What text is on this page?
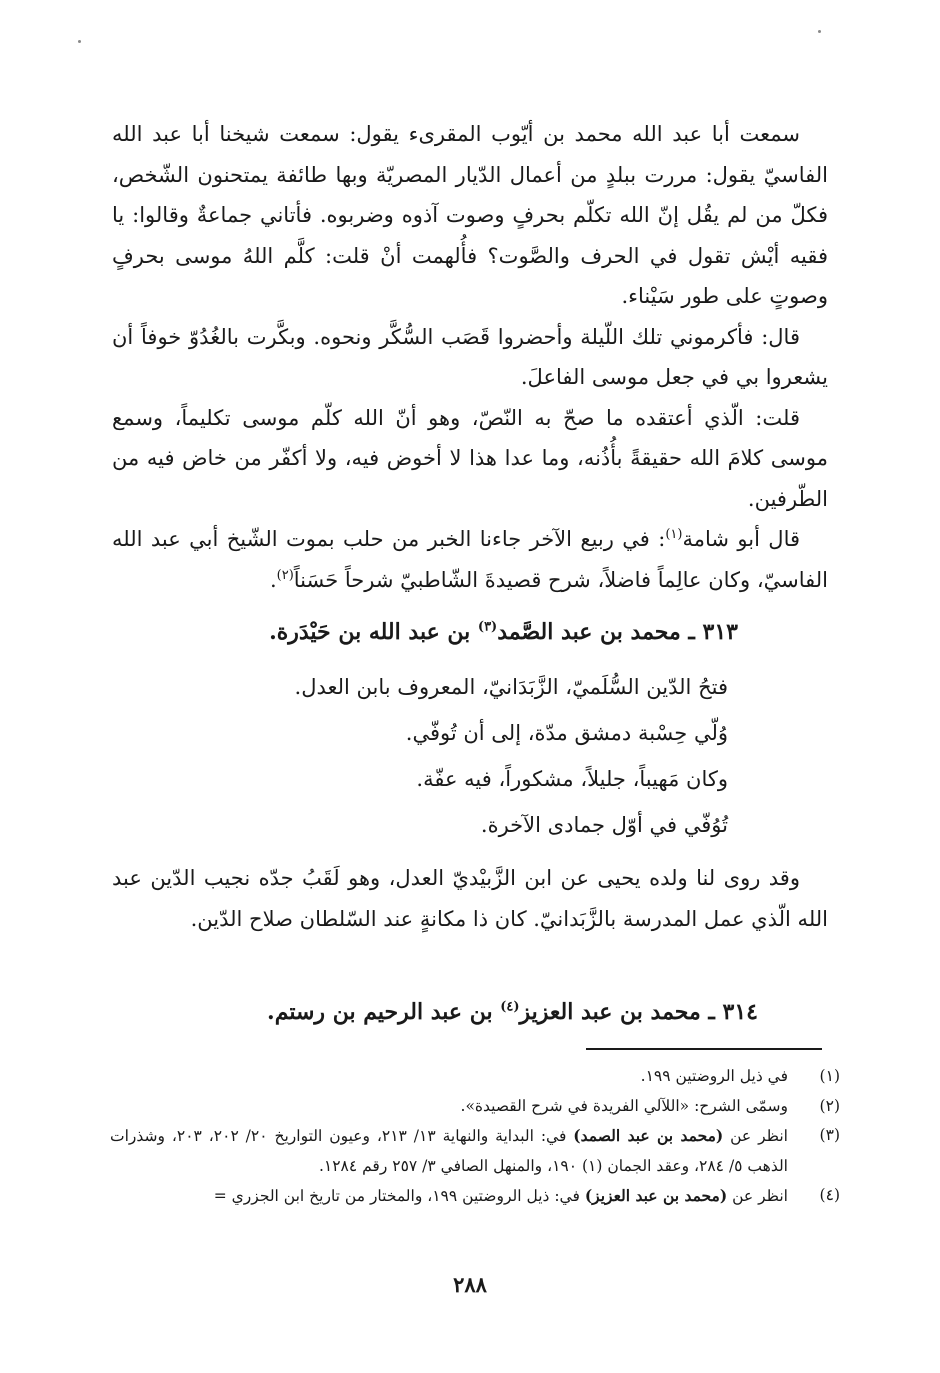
سمعت أبا عبد الله محمد بن أيّوب المقرىء يقول: سمعت شيخنا أبا عبد الله الفاسيّ يقول: مررت ببلدٍ من أعمال الدّيار المصريّة وبها طائفة يمتحنون الشّخص، فكلّ من لم يقُل إنّ الله تكلّم بحرفٍ وصوت آذوه وضربوه. فأتاني جماعةٌ وقالوا: يا فقيه أيْش تقول في الحرف والصَّوت؟ فأُلهمت أنْ قلت: كلَّم اللهُ موسى بحرفٍ وصوتٍ على طور سَيْناء.

قال: فأكرموني تلك اللّيلة وأحضروا قَصَب السُّكَّر ونحوه. وبكَّرت بالغُدُوّ خوفاً أن يشعروا بي في جعل موسى الفاعلَ.

قلت: الّذي أعتقده ما صحّ به النّصّ، وهو أنّ الله كلّم موسى تكليماً، وسمع موسى كلامَ الله حقيقةً بأُذُنه، وما عدا هذا لا أخوض فيه، ولا أكفّر من خاض فيه من الطّرفين.

قال أبو شامة$^{(١)}$: في ربيع الآخر جاءنا الخبر من حلب بموت الشّيخ أبي عبد الله الفاسيّ، وكان عالِماً فاضلاً، شرح قصيدةَ الشّاطبيّ شرحاً حَسَناً$^{(٢)}$.

٣١٣ ـ محمد بن عبد الصَّمد$^{(٣)}$ بن عبد الله بن حَيْدَرة.

فتحُ الدّين السُّلَميّ، الزَّبَدَانيّ، المعروف بابن العدل.

وُلّي حِسْبة دمشق مدّة، إلى أن تُوفّي.

وكان مَهيباً، جليلاً، مشكوراً، فيه عفّة.

تُوُفّي في أوّل جمادى الآخرة.

وقد روى لنا ولده يحيى عن ابن الزَّبيْديّ العدل، وهو لَقَبُ جدّه نجيب الدّين عبد الله الّذي عمل المدرسة بالزَّبَدانيّ. كان ذا مكانةٍ عند السّلطان صلاح الدّين.

٣١٤ ـ محمد بن عبد العزيز$^{(٤)}$ بن عبد الرحيم بن رستم.

(١)
في ذيل الروضتين ١٩٩.
(٢)
وسمّى الشرح: «اللآلي الفريدة في شرح القصيدة».
(٣)
انظر عن (محمد بن عبد الصمد) في: البداية والنهاية ١٣/ ٢١٣، وعيون التواريخ ٢٠/ ٢٠٢، ٢٠٣، وشذرات الذهب ٥/ ٢٨٤، وعقد الجمان (١) ١٩٠، والمنهل الصافي ٣/ ٢٥٧ رقم ١٢٨٤.
(٤)
انظر عن (محمد بن عبد العزيز) في: ذيل الروضتين ١٩٩، والمختار من تاريخ ابن الجزري =
٢٨٨
